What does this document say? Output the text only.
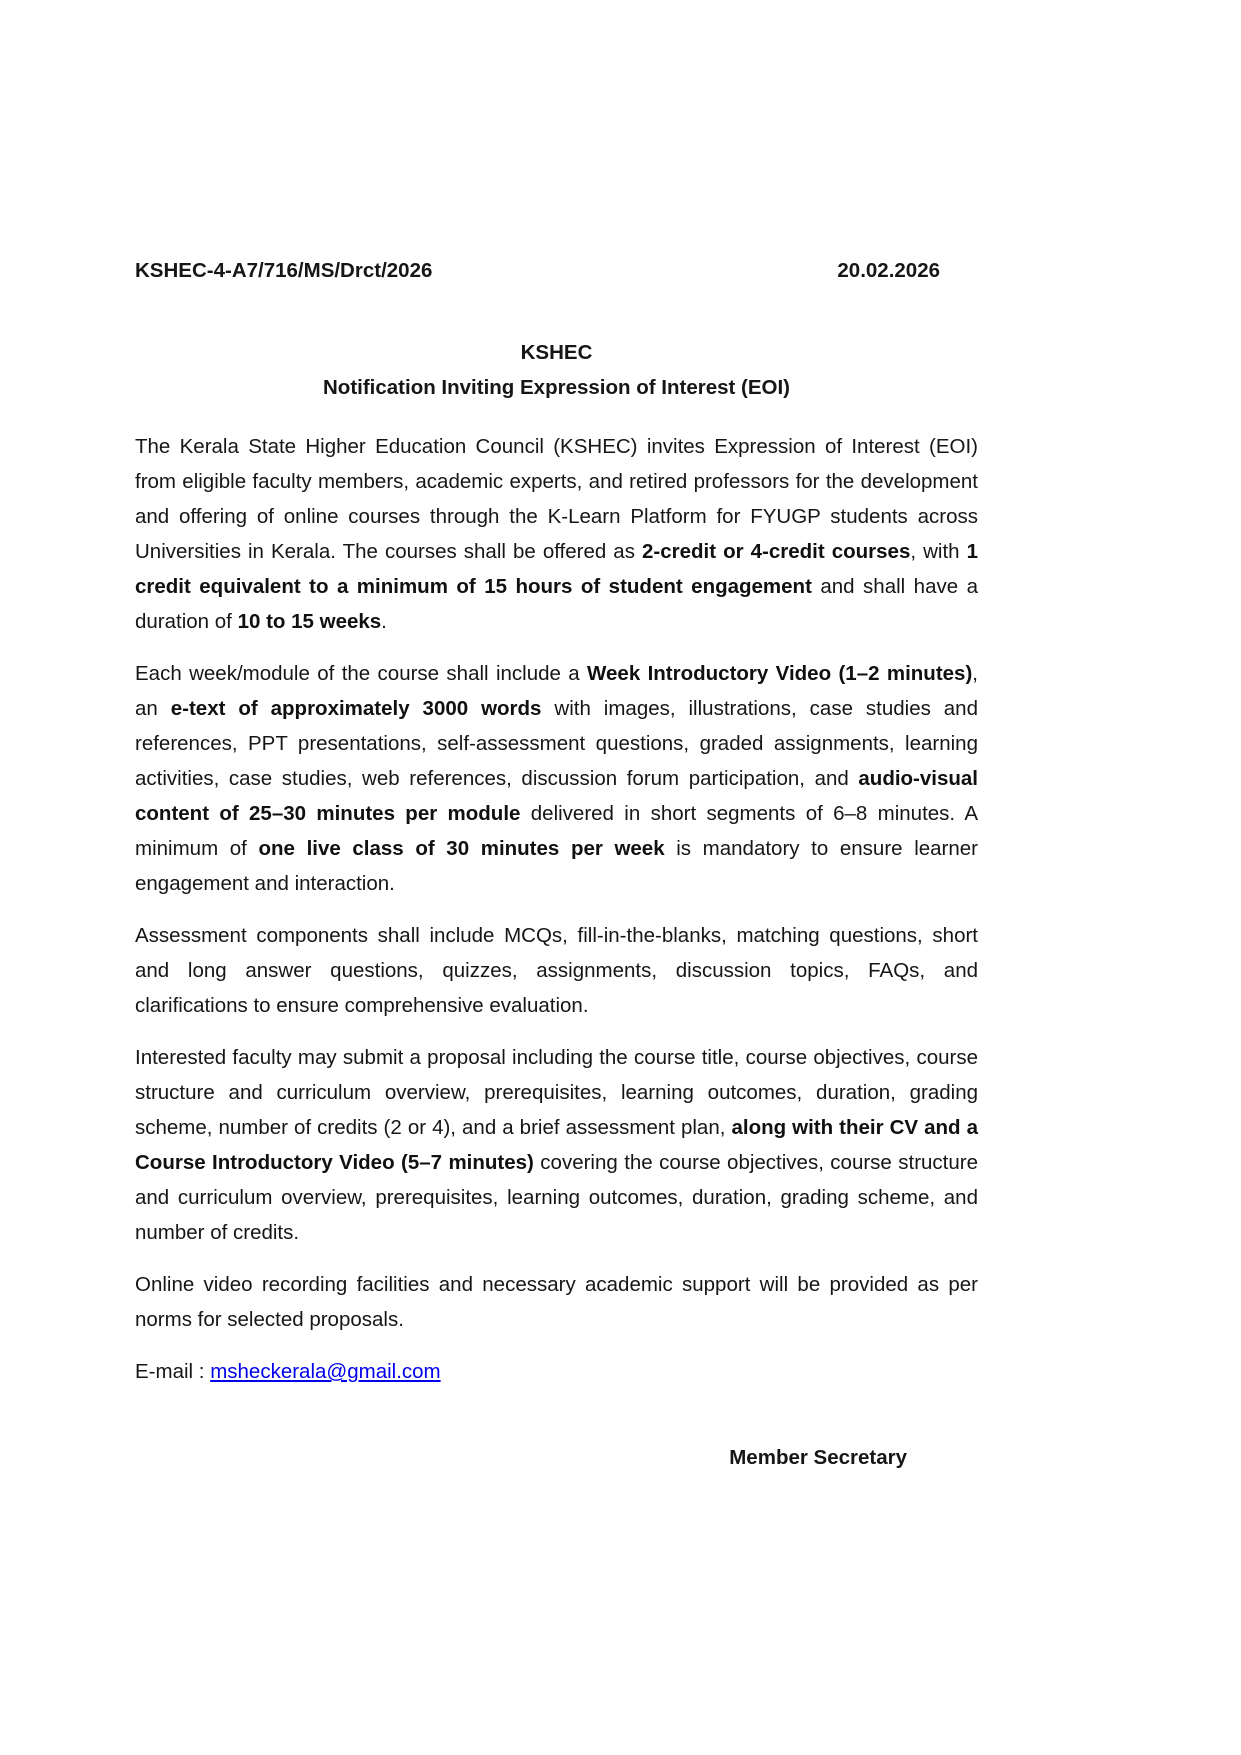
KSHEC-4-A7/716/MS/Drct/2026	20.02.2026
KSHEC
Notification Inviting Expression of Interest (EOI)

The Kerala State Higher Education Council (KSHEC) invites Expression of Interest (EOI) from eligible faculty members, academic experts, and retired professors for the development and offering of online courses through the K-Learn Platform for FYUGP students across Universities in Kerala. The courses shall be offered as 2-credit or 4-credit courses, with 1 credit equivalent to a minimum of 15 hours of student engagement and shall have a duration of 10 to 15 weeks.

Each week/module of the course shall include a Week Introductory Video (1–2 minutes), an e-text of approximately 3000 words with images, illustrations, case studies and references, PPT presentations, self-assessment questions, graded assignments, learning activities, case studies, web references, discussion forum participation, and audio-visual content of 25–30 minutes per module delivered in short segments of 6–8 minutes. A minimum of one live class of 30 minutes per week is mandatory to ensure learner engagement and interaction.

Assessment components shall include MCQs, fill-in-the-blanks, matching questions, short and long answer questions, quizzes, assignments, discussion topics, FAQs, and clarifications to ensure comprehensive evaluation.

Interested faculty may submit a proposal including the course title, course objectives, course structure and curriculum overview, prerequisites, learning outcomes, duration, grading scheme, number of credits (2 or 4), and a brief assessment plan, along with their CV and a Course Introductory Video (5–7 minutes) covering the course objectives, course structure and curriculum overview, prerequisites, learning outcomes, duration, grading scheme, and number of credits.

Online video recording facilities and necessary academic support will be provided as per norms for selected proposals.

E-mail : msheckerala@gmail.com

Member Secretary
